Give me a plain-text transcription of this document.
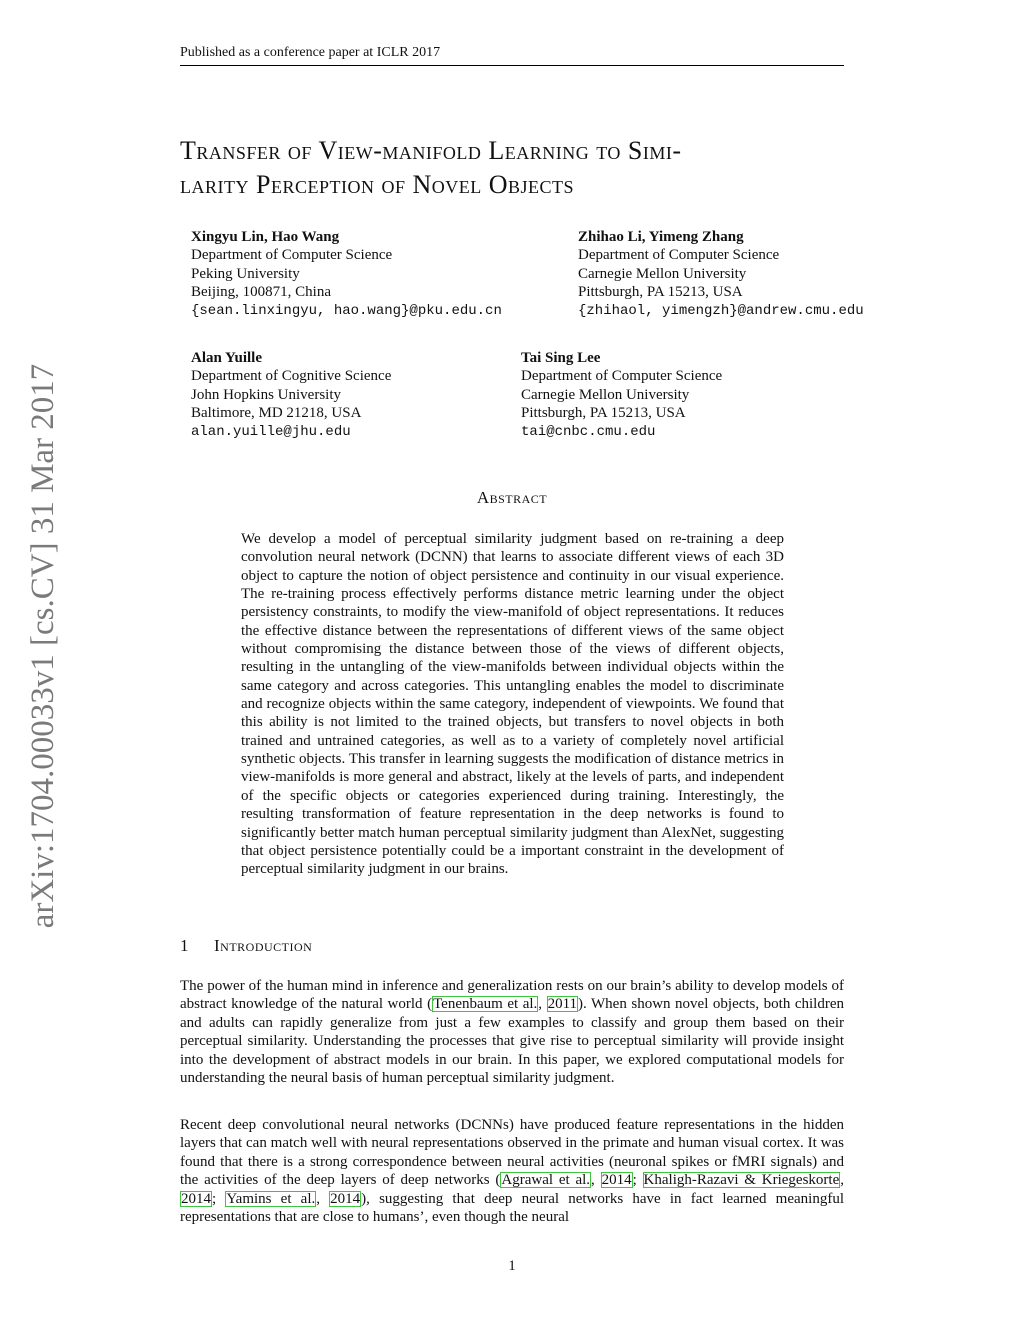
Published as a conference paper at ICLR 2017
arXiv:1704.00033v1 [cs.CV] 31 Mar 2017
Transfer of View-manifold Learning to Simi-
larity Perception of Novel Objects
Xingyu Lin, Hao Wang
Department of Computer Science
Peking University
Beijing, 100871, China
{sean.linxingyu, hao.wang}@pku.edu.cn
Zhihao Li, Yimeng Zhang
Department of Computer Science
Carnegie Mellon University
Pittsburgh, PA 15213, USA
{zhihaol, yimengzh}@andrew.cmu.edu
Alan Yuille
Department of Cognitive Science
John Hopkins University
Baltimore, MD 21218, USA
alan.yuille@jhu.edu
Tai Sing Lee
Department of Computer Science
Carnegie Mellon University
Pittsburgh, PA 15213, USA
tai@cnbc.cmu.edu
Abstract
We develop a model of perceptual similarity judgment based on re-training a deep convolution neural network (DCNN) that learns to associate different views of each 3D object to capture the notion of object persistence and continuity in our visual experience. The re-training process effectively performs distance metric learning under the object persistency constraints, to modify the view-manifold of object representations. It reduces the effective distance between the representations of different views of the same object without compromising the distance between those of the views of different objects, resulting in the untangling of the view-manifolds between individual objects within the same category and across categories. This untangling enables the model to discriminate and recognize objects within the same category, independent of viewpoints. We found that this ability is not limited to the trained objects, but transfers to novel objects in both trained and untrained categories, as well as to a variety of completely novel artificial synthetic objects. This transfer in learning suggests the modification of distance metrics in view-manifolds is more general and abstract, likely at the levels of parts, and independent of the specific objects or categories experienced during training. Interestingly, the resulting transformation of feature representation in the deep networks is found to significantly better match human perceptual similarity judgment than AlexNet, suggesting that object persistence potentially could be a important constraint in the development of perceptual similarity judgment in our brains.
1 Introduction
The power of the human mind in inference and generalization rests on our brain’s ability to develop models of abstract knowledge of the natural world (Tenenbaum et al., 2011). When shown novel objects, both children and adults can rapidly generalize from just a few examples to classify and group them based on their perceptual similarity. Understanding the processes that give rise to perceptual similarity will provide insight into the development of abstract models in our brain. In this paper, we explored computational models for understanding the neural basis of human perceptual similarity judgment.
Recent deep convolutional neural networks (DCNNs) have produced feature representations in the hidden layers that can match well with neural representations observed in the primate and human visual cortex. It was found that there is a strong correspondence between neural activities (neuronal spikes or fMRI signals) and the activities of the deep layers of deep networks (Agrawal et al., 2014; Khaligh-Razavi & Kriegeskorte, 2014; Yamins et al., 2014), suggesting that deep neural networks have in fact learned meaningful representations that are close to humans’, even though the neural
1
